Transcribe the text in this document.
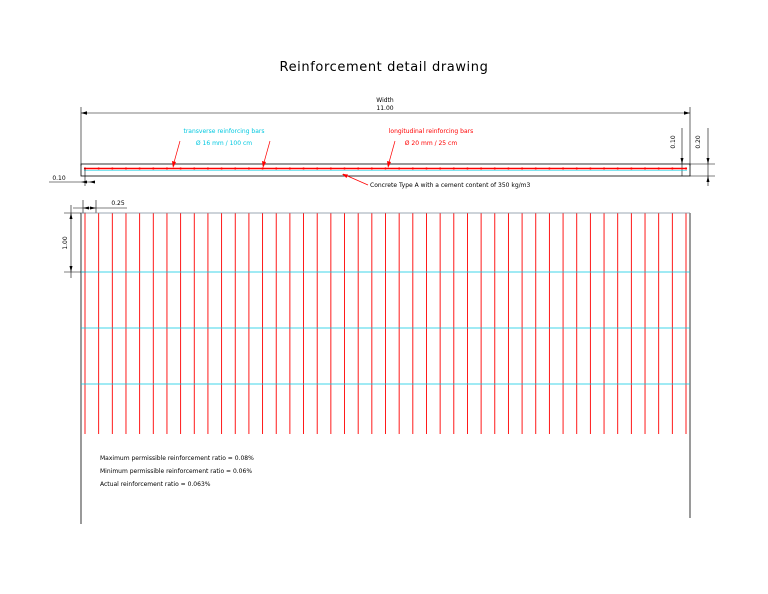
Reinforcement detail drawing
Width
11.00
0.20
0.10
0.10
transverse reinforcing bars
Ø 16 mm / 100 cm
longitudinal reinforcing bars
Ø 20 mm / 25 cm
Concrete Type A with a cement content of 350 kg/m3
0.25
1.00
Maximum permissible reinforcement ratio = 0.08%
Minimum permissible reinforcement ratio = 0.06%
Actual reinforcement ratio = 0.063%
